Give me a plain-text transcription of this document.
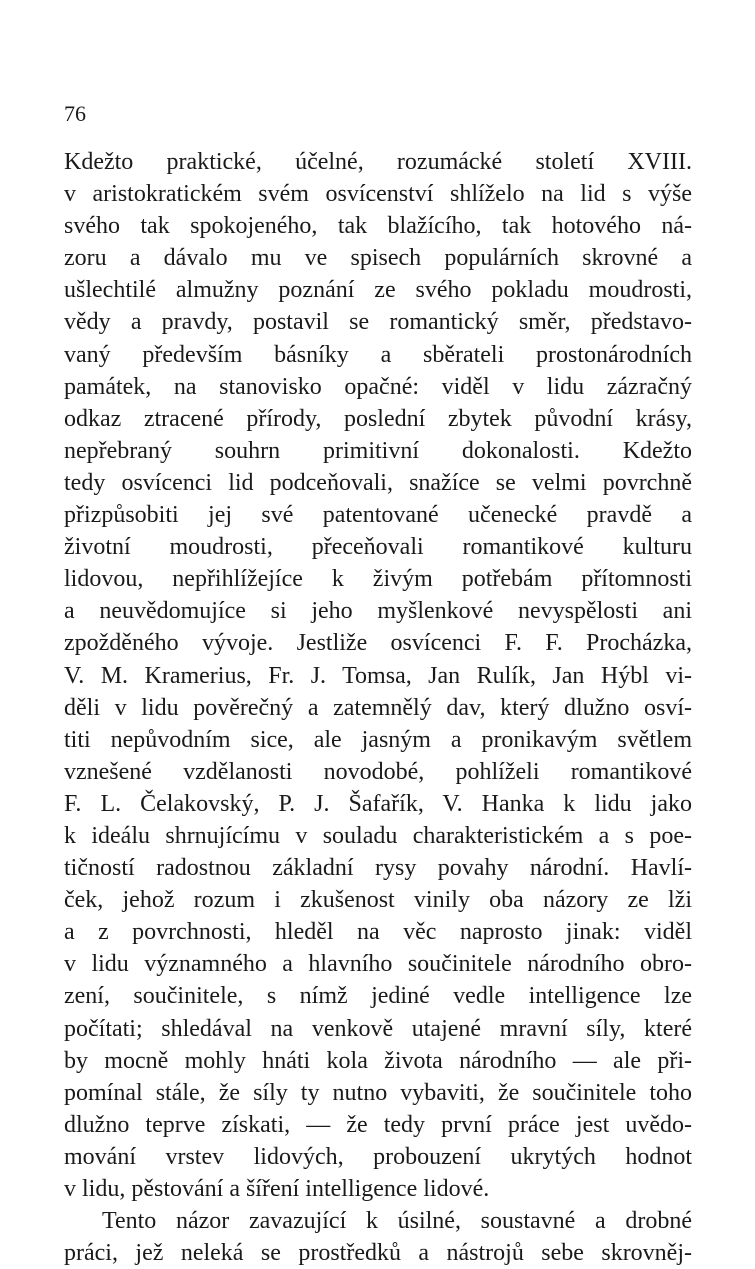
76
Kdežto praktické, účelné, rozumácké století XVIII.
v aristokratickém svém osvícenství shlíželo na lid s výše
svého tak spokojeného, tak blažícího, tak hotového ná-
zoru a dávalo mu ve spisech populárních skrovné a
ušlechtilé almužny poznání ze svého pokladu moudrosti,
vědy a pravdy, postavil se romantický směr, představo-
vaný především básníky a sběrateli prostonárodních
památek, na stanovisko opačné: viděl v lidu zázračný
odkaz ztracené přírody, poslední zbytek původní krásy,
nepřebraný souhrn primitivní dokonalosti. Kdežto
tedy osvícenci lid podceňovali, snažíce se velmi povrchně
přizpůsobiti jej své patentované učenecké pravdě a
životní moudrosti, přeceňovali romantikové kulturu
lidovou, nepřihlížejíce k živým potřebám přítomnosti
a neuvědomujíce si jeho myšlenkové nevyspělosti ani
zpožděného vývoje. Jestliže osvícenci F. F. Procházka,
V. M. Kramerius, Fr. J. Tomsa, Jan Rulík, Jan Hýbl vi-
děli v lidu pověrečný a zatemnělý dav, který dlužno osví-
titi nepůvodním sice, ale jasným a pronikavým světlem
vznešené vzdělanosti novodobé, pohlíželi romantikové
F. L. Čelakovský, P. J. Šafařík, V. Hanka k lidu jako
k ideálu shrnujícímu v souladu charakteristickém a s poe-
tičností radostnou základní rysy povahy národní. Havlí-
ček, jehož rozum i zkušenost vinily oba názory ze lži
a z povrchnosti, hleděl na věc naprosto jinak: viděl
v lidu významného a hlavního součinitele národního obro-
zení, součinitele, s nímž jediné vedle intelligence lze
počítati; shledával na venkově utajené mravní síly, které
by mocně mohly hnáti kola života národního — ale při-
pomínal stále, že síly ty nutno vybaviti, že součinitele toho
dlužno teprve získati, — že tedy první práce jest uvědo-
mování vrstev lidových, probouzení ukrytých hodnot
v lidu, pěstování a šíření intelligence lidové.
Tento názor zavazující k úsilné, soustavné a drobné
práci, jež neleká se prostředků a nástrojů sebe skrovněj-
